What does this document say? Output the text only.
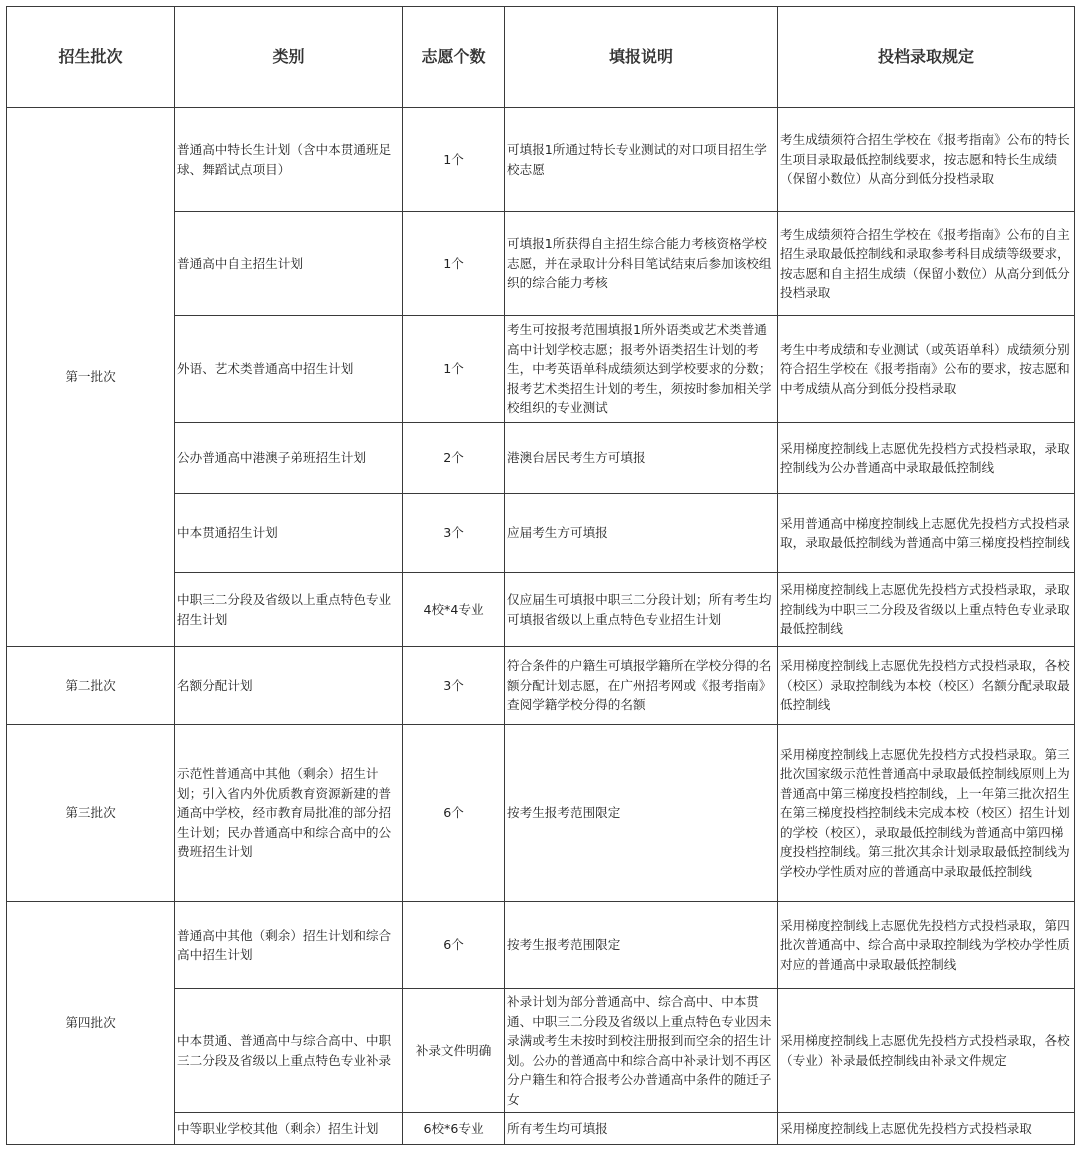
招生批次	类别	志愿个数	填报说明	投档录取规定
第一批次	普通高中特长生计划（含中本贯通班足球、舞蹈试点项目）	1个	可填报1所通过特长专业测试的对口项目招生学校志愿	考生成绩须符合招生学校在《报考指南》公布的特长生项目录取最低控制线要求，按志愿和特长生成绩（保留小数位）从高分到低分投档录取
	普通高中自主招生计划	1个	可填报1所获得自主招生综合能力考核资格学校志愿，并在录取计分科目笔试结束后参加该校组织的综合能力考核	考生成绩须符合招生学校在《报考指南》公布的自主招生录取最低控制线和录取参考科目成绩等级要求，按志愿和自主招生成绩（保留小数位）从高分到低分投档录取
	外语、艺术类普通高中招生计划	1个	考生可按报考范围填报1所外语类或艺术类普通高中计划学校志愿；报考外语类招生计划的考生，中考英语单科成绩须达到学校要求的分数；报考艺术类招生计划的考生，须按时参加相关学校组织的专业测试	考生中考成绩和专业测试（或英语单科）成绩须分别符合招生学校在《报考指南》公布的要求，按志愿和中考成绩从高分到低分投档录取
	公办普通高中港澳子弟班招生计划	2个	港澳台居民考生方可填报	采用梯度控制线上志愿优先投档方式投档录取，录取控制线为公办普通高中录取最低控制线
	中本贯通招生计划	3个	应届考生方可填报	采用普通高中梯度控制线上志愿优先投档方式投档录取，录取最低控制线为普通高中第三梯度投档控制线
	中职三二分段及省级以上重点特色专业招生计划	4校*4专业	仅应届生可填报中职三二分段计划；所有考生均可填报省级以上重点特色专业招生计划	采用梯度控制线上志愿优先投档方式投档录取，录取控制线为中职三二分段及省级以上重点特色专业录取最低控制线
第二批次	名额分配计划	3个	符合条件的户籍生可填报学籍所在学校分得的名额分配计划志愿，在广州招考网或《报考指南》查阅学籍学校分得的名额	采用梯度控制线上志愿优先投档方式投档录取，各校（校区）录取控制线为本校（校区）名额分配录取最低控制线
第三批次	示范性普通高中其他（剩余）招生计划；引入省内外优质教育资源新建的普通高中学校，经市教育局批准的部分招生计划；民办普通高中和综合高中的公费班招生计划	6个	按考生报考范围限定	采用梯度控制线上志愿优先投档方式投档录取。第三批次国家级示范性普通高中录取最低控制线原则上为普通高中第三梯度投档控制线，上一年第三批次招生在第三梯度投档控制线未完成本校（校区）招生计划的学校（校区），录取最低控制线为普通高中第四梯度投档控制线。第三批次其余计划录取最低控制线为学校办学性质对应的普通高中录取最低控制线
第四批次	普通高中其他（剩余）招生计划和综合高中招生计划	6个	按考生报考范围限定	采用梯度控制线上志愿优先投档方式投档录取，第四批次普通高中、综合高中录取控制线为学校办学性质对应的普通高中录取最低控制线
	中本贯通、普通高中与综合高中、中职三二分段及省级以上重点特色专业补录	补录文件明确	补录计划为部分普通高中、综合高中、中本贯通、中职三二分段及省级以上重点特色专业因未录满或考生未按时到校注册报到而空余的招生计划。公办的普通高中和综合高中补录计划不再区分户籍生和符合报考公办普通高中条件的随迁子女	采用梯度控制线上志愿优先投档方式投档录取，各校（专业）补录最低控制线由补录文件规定
	中等职业学校其他（剩余）招生计划	6校*6专业	所有考生均可填报	采用梯度控制线上志愿优先投档方式投档录取
